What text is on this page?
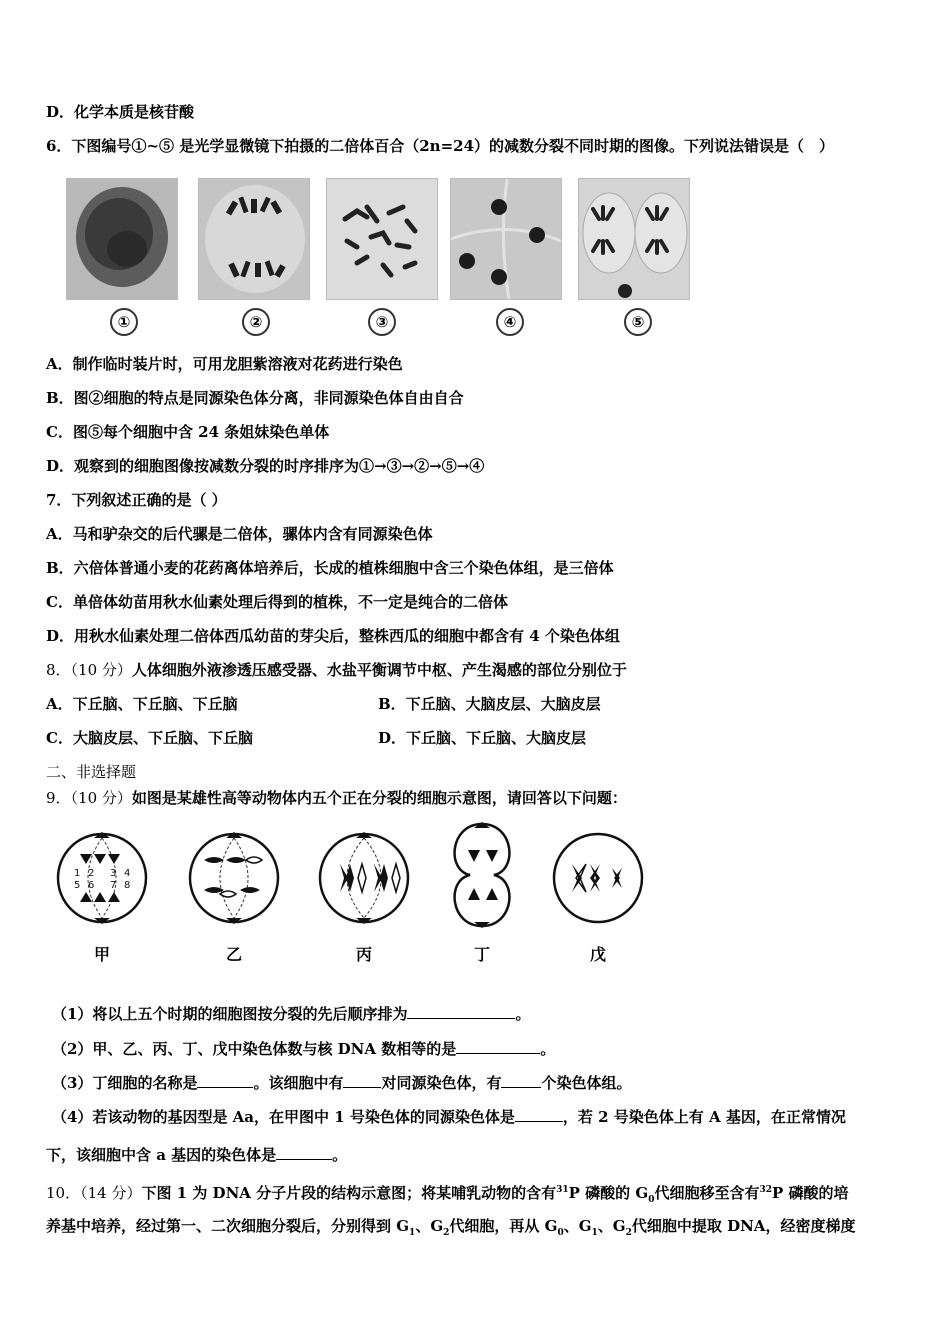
D．化学本质是核苷酸
6．下图编号①~⑤ 是光学显微镜下拍摄的二倍体百合（2n=24）的减数分裂不同时期的图像。下列说法错误是（　）
①	②	③	④	⑤
A．制作临时装片时，可用龙胆紫溶液对花药进行染色
B．图②细胞的特点是同源染色体分离，非同源染色体自由自合
C．图⑤每个细胞中含 24 条姐妹染色单体
D．观察到的细胞图像按减数分裂的时序排序为①→③→②→⑤→④
7．下列叙述正确的是（ ）
A．马和驴杂交的后代骡是二倍体，骡体内含有同源染色体
B．六倍体普通小麦的花药离体培养后，长成的植株细胞中含三个染色体组，是三倍体
C．单倍体幼苗用秋水仙素处理后得到的植株，不一定是纯合的二倍体
D．用秋水仙素处理二倍体西瓜幼苗的芽尖后，整株西瓜的细胞中都含有 4 个染色体组
8．（10 分）人体细胞外液渗透压感受器、水盐平衡调节中枢、产生渴感的部位分别位于
A．下丘脑、下丘脑、下丘脑	B．下丘脑、大脑皮层、大脑皮层
C．大脑皮层、下丘脑、下丘脑	D．下丘脑、下丘脑、大脑皮层
二、非选择题
9．（10 分）如图是某雄性高等动物体内五个正在分裂的细胞示意图，请回答以下问题：
1 2 3 4
5 6 7 8
甲	乙	丙	丁	戊
（1）将以上五个时期的细胞图按分裂的先后顺序排为	。
（2）甲、乙、丙、丁、戊中染色体数与核 DNA 数相等的是	。
（3）丁细胞的名称是	。该细胞中有	对同源染色体，有	个染色体组。
（4）若该动物的基因型是 Aa，在甲图中 1 号染色体的同源染色体是	，若 2 号染色体上有 A 基因，在正常情况
下，该细胞中含 a 基因的染色体是	。
10．（14 分）下图 1 为 DNA 分子片段的结构示意图；将某哺乳动物的含有$^{31}$P 磷酸的 $G_0$代细胞移至含有$^{32}$P 磷酸的培
养基中培养，经过第一、二次细胞分裂后，分别得到 $G_1$、$G_2$代细胞，再从 $G_0$、$G_1$、$G_2$代细胞中提取 DNA，经密度梯度
